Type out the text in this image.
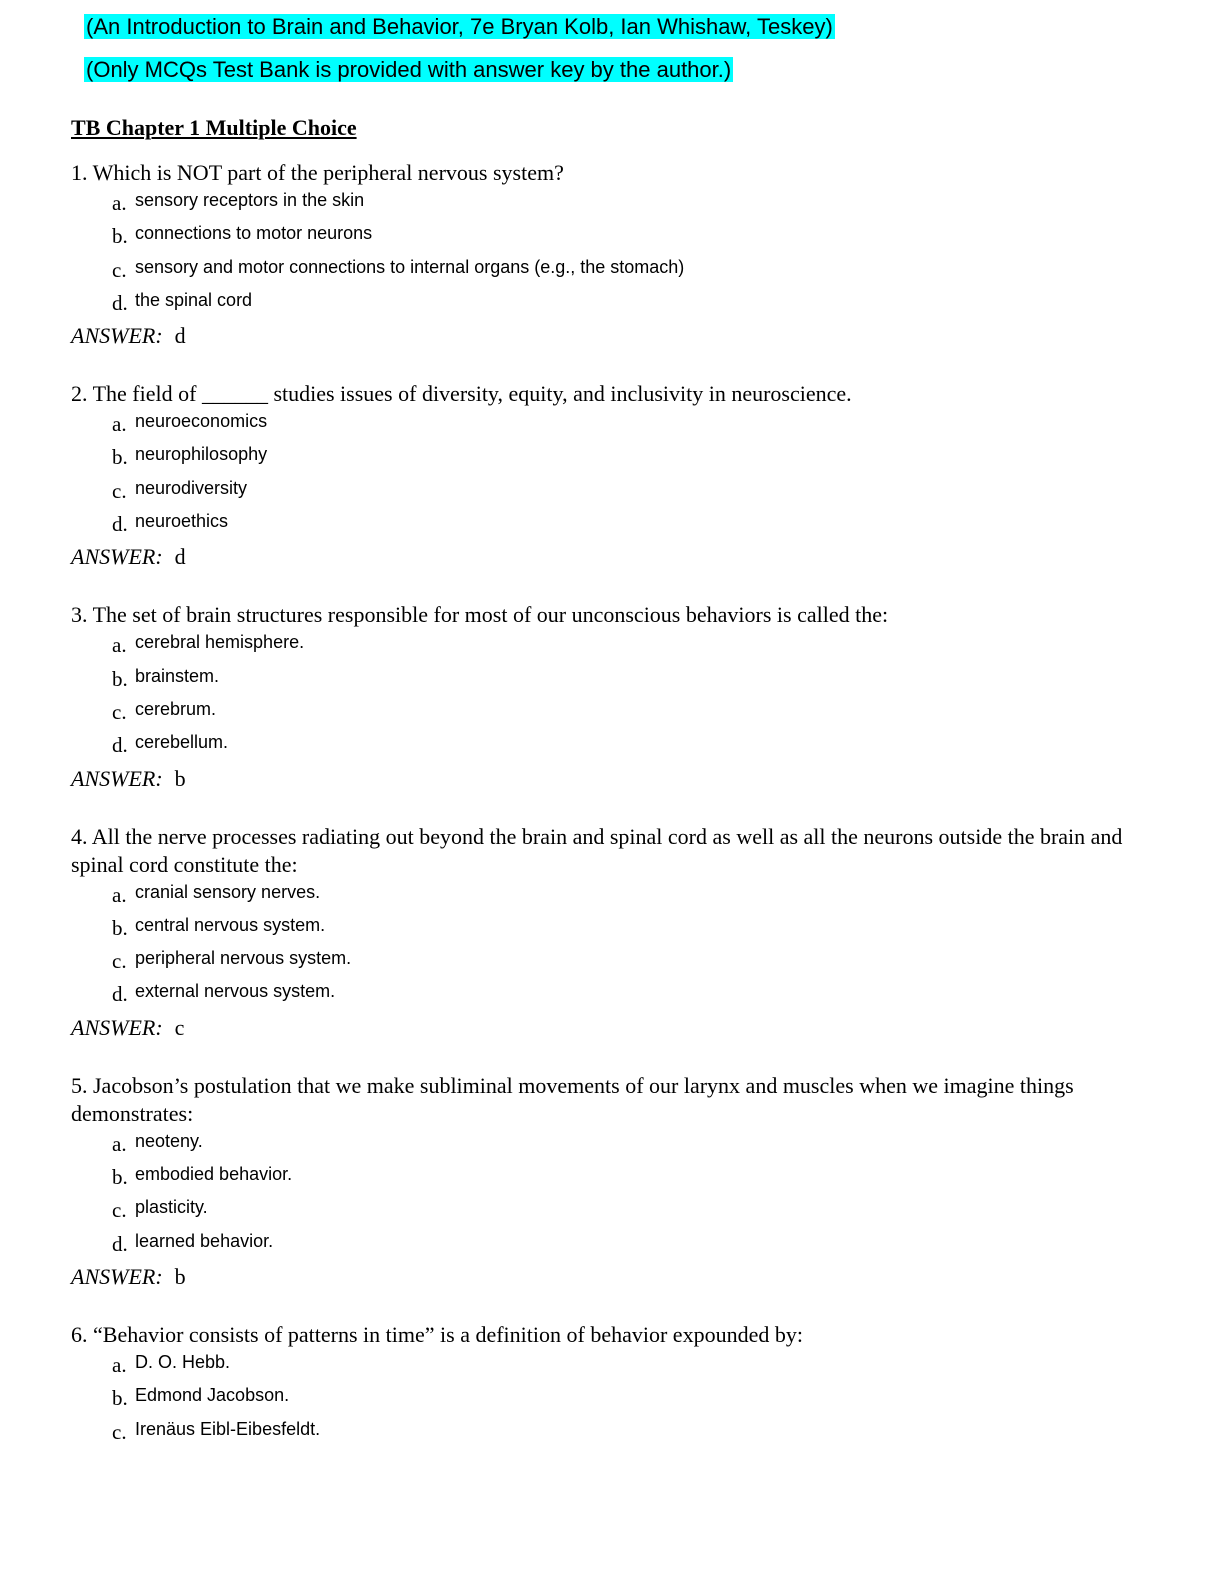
(An Introduction to Brain and Behavior, 7e Bryan Kolb, Ian Whishaw, Teskey)
(Only MCQs Test Bank is provided with answer key by the author.)
TB Chapter 1 Multiple Choice

1. Which is NOT part of the peripheral nervous system?

a. sensory receptors in the skin
b. connections to motor neurons
c. sensory and motor connections to internal organs (e.g., the stomach)
d. the spinal cord
ANSWER: d

2. The field of ______ studies issues of diversity, equity, and inclusivity in neuroscience.

a. neuroeconomics
b. neurophilosophy
c. neurodiversity
d. neuroethics
ANSWER: d

3. The set of brain structures responsible for most of our unconscious behaviors is called the:

a. cerebral hemisphere.
b. brainstem.
c. cerebrum.
d. cerebellum.
ANSWER: b

4. All the nerve processes radiating out beyond the brain and spinal cord as well as all the neurons outside the brain and spinal cord constitute the:

a. cranial sensory nerves.
b. central nervous system.
c. peripheral nervous system.
d. external nervous system.
ANSWER: c

5. Jacobson’s postulation that we make subliminal movements of our larynx and muscles when we imagine things demonstrates:

a. neoteny.
b. embodied behavior.
c. plasticity.
d. learned behavior.
ANSWER: b

6. “Behavior consists of patterns in time” is a definition of behavior expounded by:

a. D. O. Hebb.
b. Edmond Jacobson.
c. Irenäus Eibl-Eibesfeldt.
